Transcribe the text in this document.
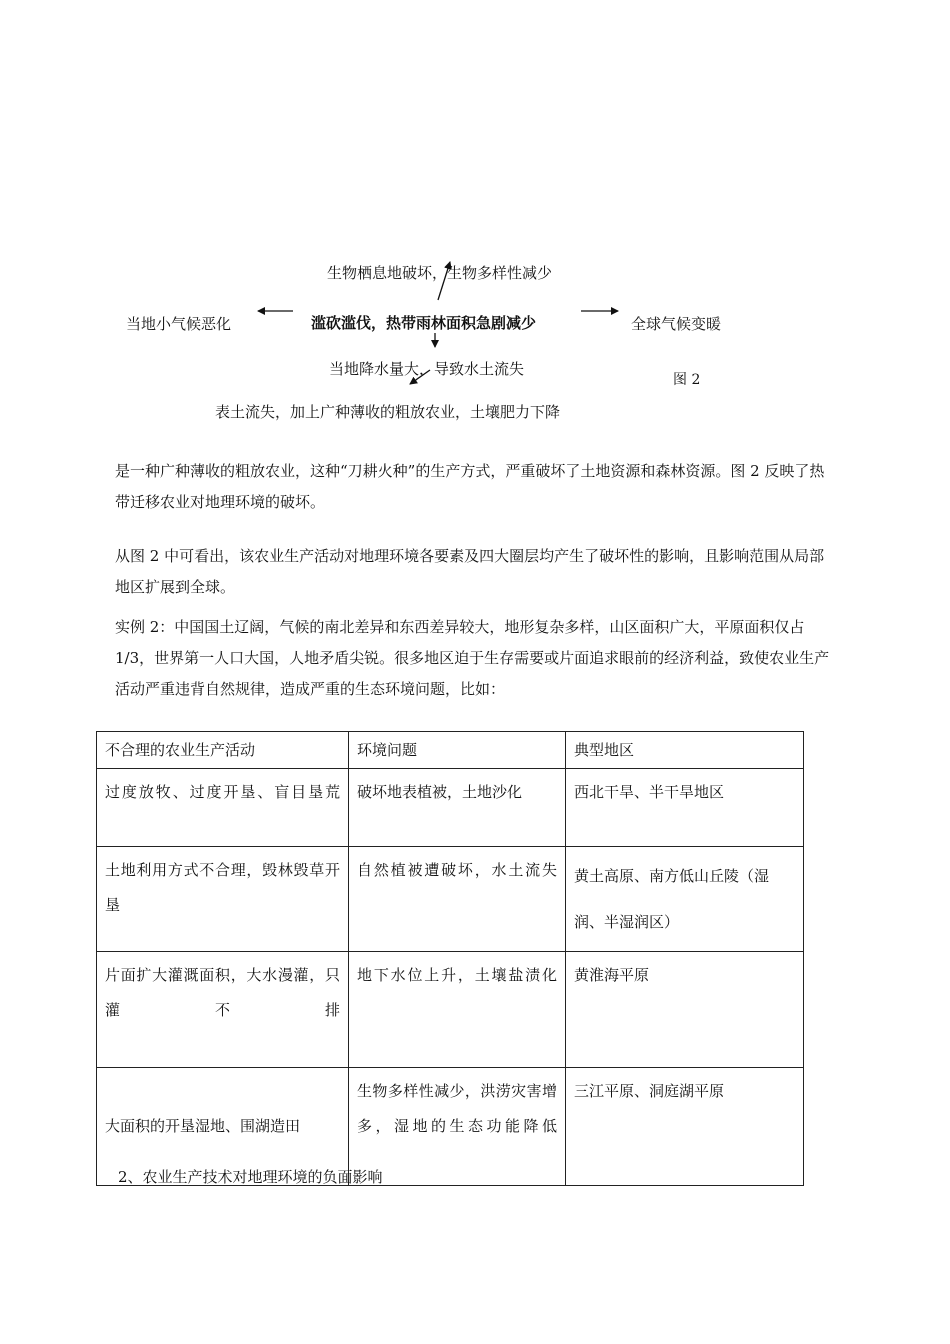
生物栖息地破坏，生物多样性减少
当地小气候恶化	滥砍滥伐，热带雨林面积急剧减少	全球气候变暖
当地降水量大，导致水土流失
图 2
表土流失，加上广种薄收的粗放农业，土壤肥力下降
是一种广种薄收的粗放农业，这种“刀耕火种”的生产方式，严重破坏了土地资源和森林资源。图 2 反映了热带迁移农业对地理环境的破坏。
从图 2 中可看出，该农业生产活动对地理环境各要素及四大圈层均产生了破坏性的影响，且影响范围从局部地区扩展到全球。
实例 2：中国国土辽阔，气候的南北差异和东西差异较大，地形复杂多样，山区面积广大，平原面积仅占 1/3，世界第一人口大国，人地矛盾尖锐。很多地区迫于生存需要或片面追求眼前的经济利益，致使农业生产活动严重违背自然规律，造成严重的生态环境问题，比如：
不合理的农业生产活动	环境问题	典型地区
过度放牧、过度开垦、盲目垦荒	破坏地表植被，土地沙化	西北干旱、半干旱地区
土地利用方式不合理，毁林毁草开垦	自然植被遭破坏，水土流失	黄土高原、南方低山丘陵（湿润、半湿润区）
片面扩大灌溉面积，大水漫灌，只灌不排	地下水位上升，土壤盐渍化	黄淮海平原
大面积的开垦湿地、围湖造田	生物多样性减少，洪涝灾害增多，湿地的生态功能降低	三江平原、洞庭湖平原
2、农业生产技术对地理环境的负面影响
